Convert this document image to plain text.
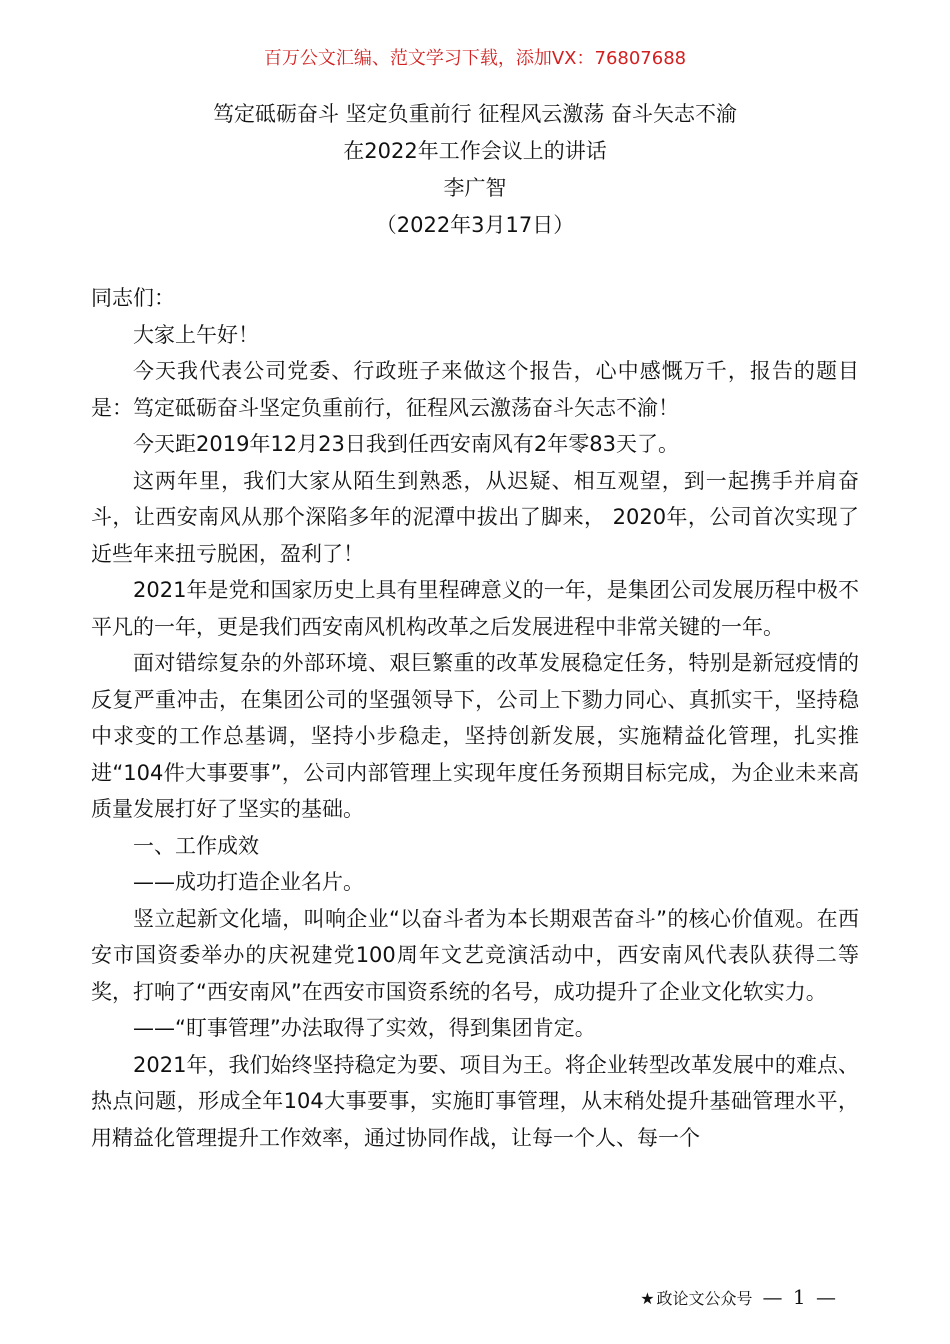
百万公文汇编、范文学习下载，添加VX：76807688
笃定砥砺奋斗 坚定负重前行 征程风云激荡 奋斗矢志不渝
在2022年工作会议上的讲话
李广智
（2022年3月17日）

同志们：

大家上午好！

今天我代表公司党委、行政班子来做这个报告，心中感慨万千，报告的题目是：笃定砥砺奋斗坚定负重前行，征程风云激荡奋斗矢志不渝！

今天距2019年12月23日我到任西安南风有2年零83天了。

这两年里，我们大家从陌生到熟悉，从迟疑、相互观望，到一起携手并肩奋斗，让西安南风从那个深陷多年的泥潭中拔出了脚来， 2020年，公司首次实现了近些年来扭亏脱困，盈利了！

2021年是党和国家历史上具有里程碑意义的一年，是集团公司发展历程中极不平凡的一年，更是我们西安南风机构改革之后发展进程中非常关键的一年。

面对错综复杂的外部环境、艰巨繁重的改革发展稳定任务，特别是新冠疫情的反复严重冲击，在集团公司的坚强领导下，公司上下勠力同心、真抓实干，坚持稳中求变的工作总基调，坚持小步稳走，坚持创新发展，实施精益化管理，扎实推进“104件大事要事”，公司内部管理上实现年度任务预期目标完成，为企业未来高质量发展打好了坚实的基础。

一、工作成效

——成功打造企业名片。

竖立起新文化墙，叫响企业“以奋斗者为本长期艰苦奋斗”的核心价值观。在西安市国资委举办的庆祝建党100周年文艺竞演活动中，西安南风代表队获得二等奖，打响了“西安南风”在西安市国资系统的名号，成功提升了企业文化软实力。

——“盯事管理”办法取得了实效，得到集团肯定。

2021年，我们始终坚持稳定为要、项目为王。将企业转型改革发展中的难点、热点问题，形成全年104大事要事，实施盯事管理，从末稍处提升基础管理水平，用精益化管理提升工作效率，通过协同作战，让每一个人、每一个

★ 政论文公众号 — 1 —
